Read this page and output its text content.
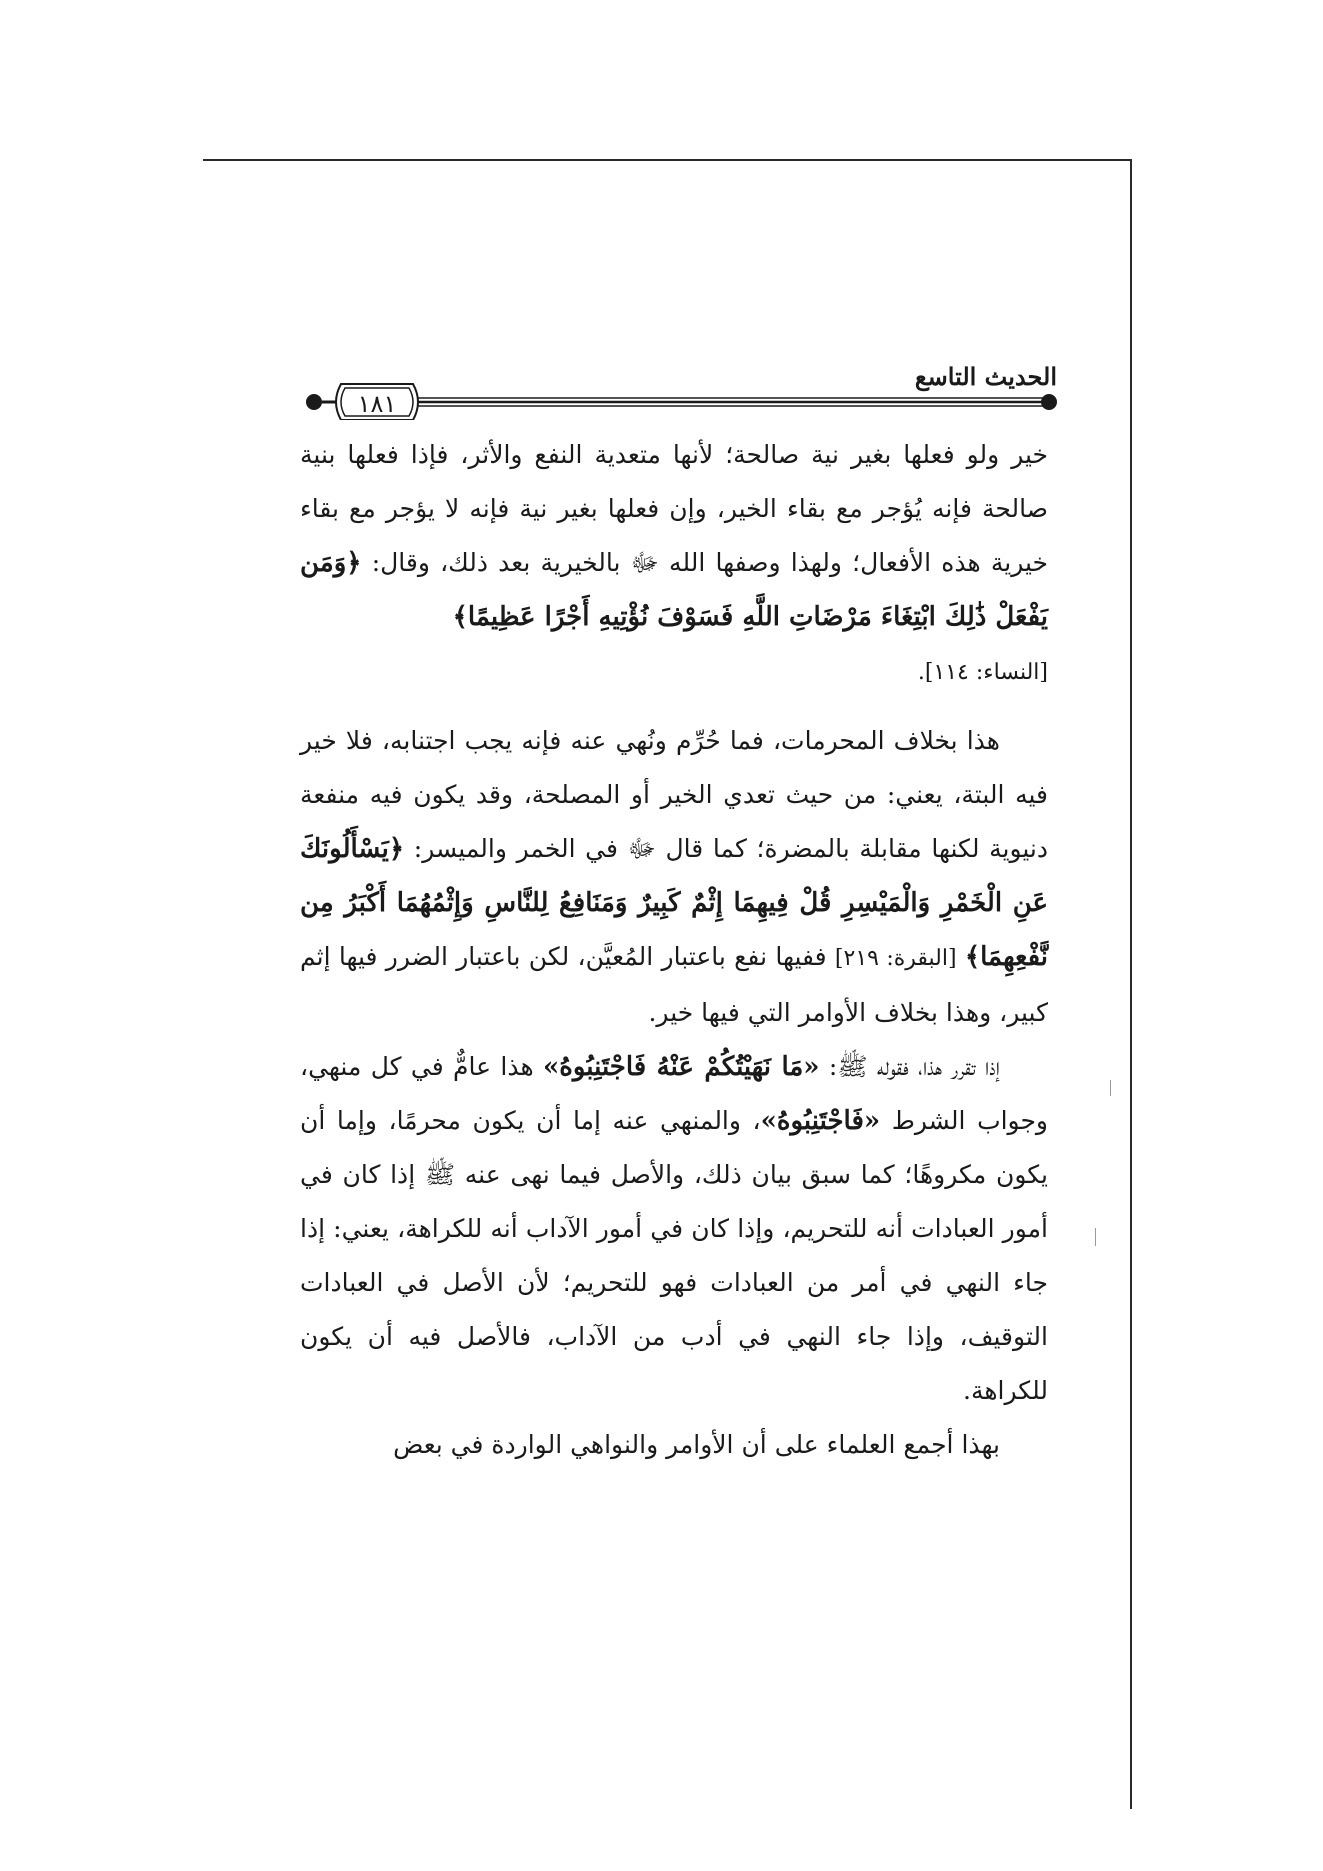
الحديث التاسع
١٨١

خير ولو فعلها بغير نية صالحة؛ لأنها متعدية النفع والأثر، فإذا فعلها بنية صالحة فإنه يُؤجر مع بقاء الخير، وإن فعلها بغير نية فإنه لا يؤجر مع بقاء خيرية هذه الأفعال؛ ولهذا وصفها الله ﷻ بالخيرية بعد ذلك، وقال: ﴿وَمَن يَفْعَلْ ذَٰلِكَ ابْتِغَاءَ مَرْضَاتِ اللَّهِ فَسَوْفَ نُؤْتِيهِ أَجْرًا عَظِيمًا﴾

[النساء: ١١٤].

هذا بخلاف المحرمات، فما حُرِّم ونُهي عنه فإنه يجب اجتنابه، فلا خير فيه البتة، يعني: من حيث تعدي الخير أو المصلحة، وقد يكون فيه منفعة دنيوية لكنها مقابلة بالمضرة؛ كما قال ﷻ في الخمر والميسر: ﴿يَسْأَلُونَكَ عَنِ الْخَمْرِ وَالْمَيْسِرِ قُلْ فِيهِمَا إِثْمٌ كَبِيرٌ وَمَنَافِعُ لِلنَّاسِ وَإِثْمُهُمَا أَكْبَرُ مِن نَّفْعِهِمَا﴾ [البقرة: ٢١٩] ففيها نفع باعتبار المُعيَّن، لكن باعتبار الضرر فيها إثم كبير، وهذا بخلاف الأوامر التي فيها خير.

إذا تقرر هذا، فقوله ﷺ: «مَا نَهَيْتُكُمْ عَنْهُ فَاجْتَنِبُوهُ» هذا عامٌّ في كل منهي، وجواب الشرط «فَاجْتَنِبُوهُ»، والمنهي عنه إما أن يكون محرمًا، وإما أن يكون مكروهًا؛ كما سبق بيان ذلك، والأصل فيما نهى عنه ﷺ إذا كان في أمور العبادات أنه للتحريم، وإذا كان في أمور الآداب أنه للكراهة، يعني: إذا جاء النهي في أمر من العبادات فهو للتحريم؛ لأن الأصل في العبادات التوقيف، وإذا جاء النهي في أدب من الآداب، فالأصل فيه أن يكون للكراهة.

بهذا أجمع العلماء على أن الأوامر والنواهي الواردة في بعض
